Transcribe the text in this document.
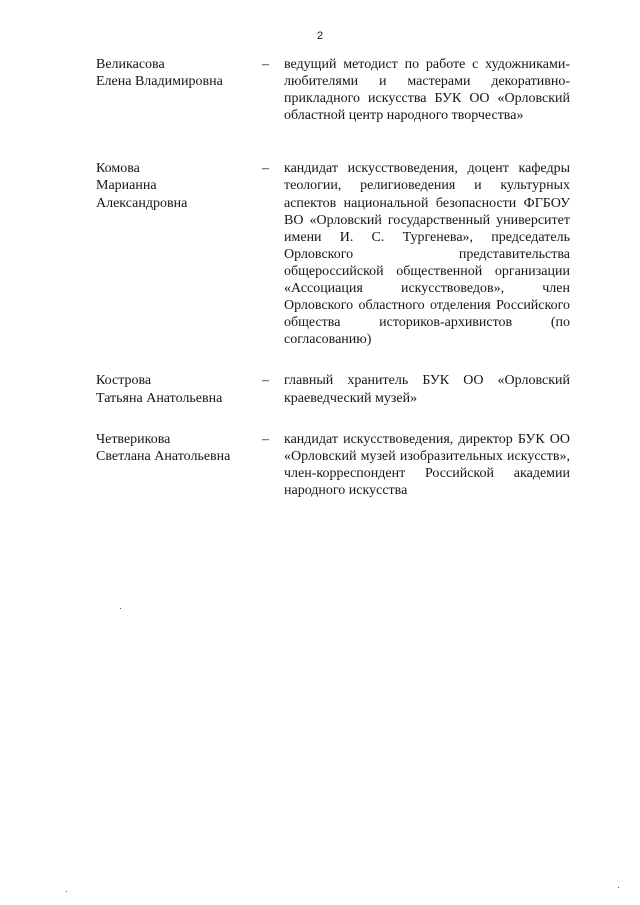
2
Великасова
Елена Владимировна
–	ведущий методист по работе с художниками-любителями и мастерами декоративно-прикладного искусства БУК ОО «Орловский областной центр народного творчества»
Комова
Марианна
Александровна
–	кандидат искусствоведения, доцент кафедры теологии, религиоведения и культурных аспектов национальной безопасности ФГБОУ ВО «Орловский государственный университет имени И. С. Тургенева», председатель Орловского представительства общероссийской общественной организации «Ассоциация искусствоведов», член Орловского областного отделения Российского общества историков-архивистов (по согласованию)
Кострова
Татьяна Анатольевна
–	главный хранитель БУК ОО «Орловский краеведческий музей»
Четверикова
Светлана Анатольевна
–	кандидат искусствоведения, директор БУК ОО «Орловский музей изобразительных искусств», член-корреспондент Российской академии народного искусства
